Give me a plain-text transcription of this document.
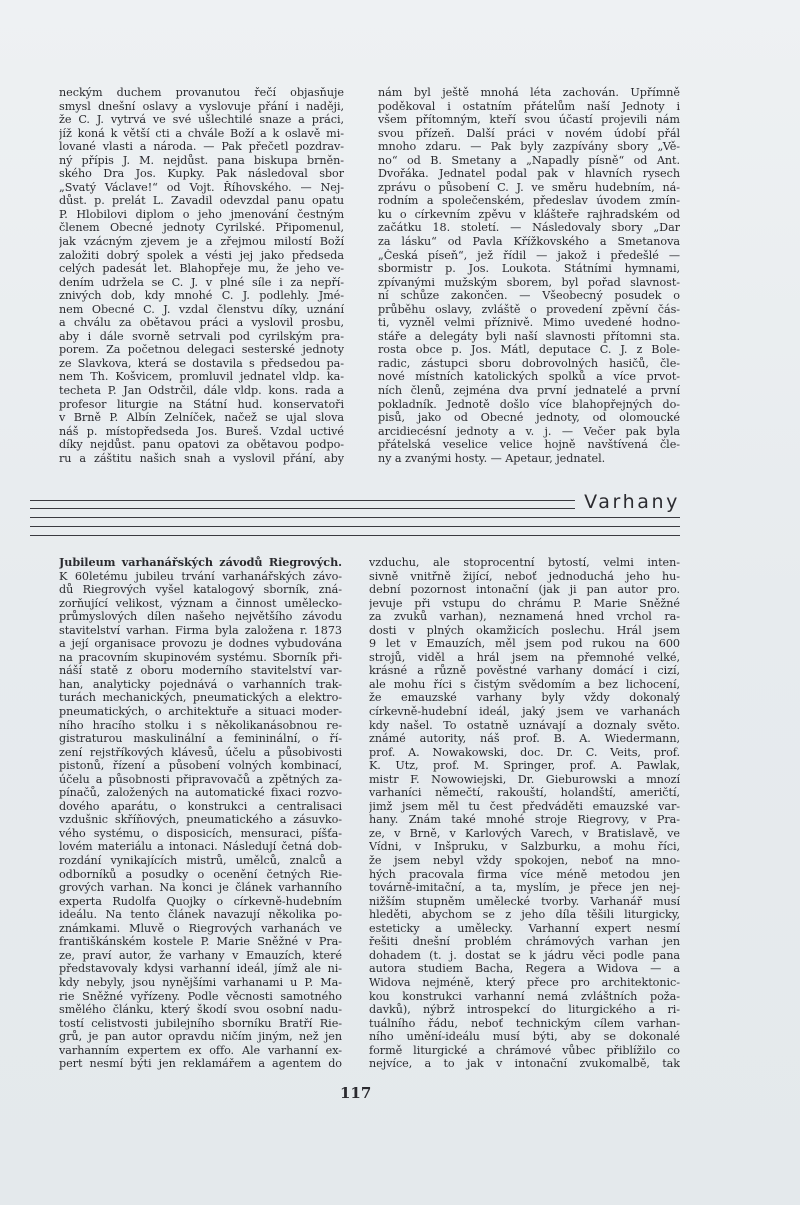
neckým duchem provanutou řečí objasňuje
smysl dnešní oslavy a vyslovuje přání i naději,
že C. J. vytrvá ve své ušlechtilé snaze a práci,
jíž koná k větší cti a chvále Boží a k oslavě mi-
lované vlasti a národa. — Pak přečetl pozdrav-
ný přípis J. M. nejdůst. pana biskupa brněn-
ského Dra Jos. Kupky. Pak následoval sbor
„Svatý Václave!“ od Vojt. Říhovského. — Nej-
důst. p. prelát L. Zavadil odevzdal panu opatu
P. Hlobilovi diplom o jeho jmenování čestným
členem Obecné jednoty Cyrilské. Připomenul,
jak vzácným zjevem je a zřejmou milostí Boží
založiti dobrý spolek a vésti jej jako předseda
celých padesát let. Blahopřeje mu, že jeho ve-
dením udržela se C. J. v plné síle i za nepří-
znivých dob, kdy mnohé C. J. podlehly. Jmé-
nem Obecné C. J. vzdal členstvu díky, uznání
a chválu za obětavou práci a vyslovil prosbu,
aby i dále svorně setrvali pod cyrilským pra-
porem. Za početnou delegaci sesterské jednoty
ze Slavkova, která se dostavila s předsedou pa-
nem Th. Košvicem, promluvil jednatel vldp. ka-
techeta P. Jan Odstrčil, dále vldp. kons. rada a
profesor liturgie na Státní hud. konservatoři
v Brně P. Albín Zelníček, načež se ujal slova
náš p. místopředseda Jos. Bureš. Vzdal uctivé
díky nejdůst. panu opatovi za obětavou podpo-
ru a záštitu našich snah a vyslovil přání, aby
nám byl ještě mnohá léta zachován. Upřímně
poděkoval i ostatním přátelům naší Jednoty i
všem přítomným, kteří svou účastí projevili nám
svou přízeň. Další práci v novém údobí přál
mnoho zdaru. — Pak byly zazpívány sbory „Vě-
no“ od B. Smetany a „Napadly písně“ od Ant.
Dvořáka. Jednatel podal pak v hlavních rysech
zprávu o působení C. J. ve směru hudebním, ná-
rodním a společenském, předeslav úvodem zmín-
ku o církevním zpěvu v klášteře rajhradském od
začátku 18. století. — Následovaly sbory „Dar
za lásku“ od Pavla Křížkovského a Smetanova
„Česká píseň“, jež řídil — jakož i předešlé —
sbormistr p. Jos. Loukota. Státními hymnami,
zpívanými mužským sborem, byl pořad slavnost-
ní schůze zakončen. — Všeobecný posudek o
průběhu oslavy, zvláště o provedení zpěvní čás-
ti, vyzněl velmi příznivě. Mimo uvedené hodno-
stáře a delegáty byli naší slavnosti přítomni sta.
rosta obce p. Jos. Mátl, deputace C. J. z Bole-
radic, zástupci sboru dobrovolných hasičů, čle-
nové místních katolických spolků a více prvot-
ních členů, zejména dva první jednatelé a první
pokladník. Jednotě došlo více blahopřejných do-
pisů, jako od Obecné jednoty, od olomoucké
arcidiecésní jednoty a v. j. — Večer pak byla
přátelská veselice velice hojně navštívená čle-
ny a zvanými hosty. — Apetaur, jednatel.
Varhany
Jubileum varhanářských závodů Riegrových.
K 60letému jubileu trvání varhanářských závo-
dů Riegrových vyšel katalogový sborník, zná-
zorňující velikost, význam a činnost umělecko-
průmyslových dílen našeho největšího závodu
stavitelství varhan. Firma byla založena r. 1873
a její organisace provozu je dodnes vybudována
na pracovním skupinovém systému. Sborník při-
náší statě z oboru moderního stavitelství var-
han, analyticky pojednává o varhanních trak-
turách mechanických, pneumatických a elektro-
pneumatických, o architektuře a situaci moder-
ního hracího stolku i s několikanásobnou re-
gistraturou maskulinální a femininální, o ří-
zení rejstříkových klávesů, účelu a působivosti
pistonů, řízení a působení volných kombinací,
účelu a působnosti připravovačů a zpětných za-
pínačů, založených na automatické fixaci rozvo-
dového aparátu, o konstrukci a centralisaci
vzdušnic skříňových, pneumatického a zásuvko-
vého systému, o disposicích, mensuraci, píšťa-
lovém materiálu a intonaci. Následují četná dob-
rozdání vynikajících mistrů, umělců, znalců a
odborníků a posudky o ocenění četných Rie-
grových varhan. Na konci je článek varhanního
experta Rudolfa Quojky o církevně-hudebním
ideálu. Na tento článek navazují několika po-
známkami. Mluvě o Riegrových varhanách ve
františkánském kostele P. Marie Sněžné v Pra-
ze, praví autor, že varhany v Emauzích, které
představovaly kdysi varhanní ideál, jímž ale ni-
kdy nebyly, jsou nynějšími varhanami u P. Ma-
rie Sněžné vyřízeny. Podle věcnosti samotného
smělého článku, který škodí svou osobní nadu-
tostí celistvosti jubilejního sborníku Bratří Rie-
grů, je pan autor opravdu ničím jiným, než jen
varhanním expertem ex offo. Ale varhanní ex-
pert nesmí býti jen reklamářem a agentem do
vzduchu, ale stoprocentní bytostí, velmi inten-
sivně vnitřně žijící, neboť jednoduchá jeho hu-
dební pozornost intonační (jak ji pan autor pro.
jevuje při vstupu do chrámu P. Marie Sněžné
za zvuků varhan), neznamená hned vrchol ra-
dosti v plných okamžicích poslechu. Hrál jsem
9 let v Emauzích, měl jsem pod rukou na 600
strojů, viděl a hrál jsem na přemnohé velké,
krásné a různě pověstné varhany domácí i cizí,
ale mohu říci s čistým svědomím a bez lichocení,
že emauzské varhany byly vždy dokonalý
církevně-hudební ideál, jaký jsem ve varhanách
kdy našel. To ostatně uznávají a doznaly světo.
známé autority, náš prof. B. A. Wiedermann,
prof. A. Nowakowski, doc. Dr. C. Veits, prof.
K. Utz, prof. M. Springer, prof. A. Pawlak,
mistr F. Nowowiejski, Dr. Gieburowski a mnozí
varhaníci němečtí, rakouští, holandští, američtí,
jimž jsem měl tu čest předváděti emauzské var-
hany. Znám také mnohé stroje Riegrovy, v Pra-
ze, v Brně, v Karlových Varech, v Bratislavě, ve
Vídni, v Inšpruku, v Salzburku, a mohu říci,
že jsem nebyl vždy spokojen, neboť na mno-
hých pracovala firma více méně metodou jen
továrně-imitační, a ta, myslím, je přece jen nej-
nižším stupněm umělecké tvorby. Varhanář musí
hleděti, abychom se z jeho díla těšili liturgicky,
esteticky a umělecky. Varhanní expert nesmí
řešiti dnešní problém chrámových varhan jen
dohadem (t. j. dostat se k jádru věci podle pana
autora studiem Bacha, Regera a Widova — a
Widova nejméně, který přece pro architektonic-
kou konstrukci varhanní nemá zvláštních poža-
davků), nýbrž introspekcí do liturgického a ri-
tuálního řádu, neboť technickým cílem varhan-
ního umění-ideálu musí býti, aby se dokonalé
formě liturgické a chrámové vůbec přiblížilo co
nejvíce, a to jak v intonační zvukomalbě, tak
117
